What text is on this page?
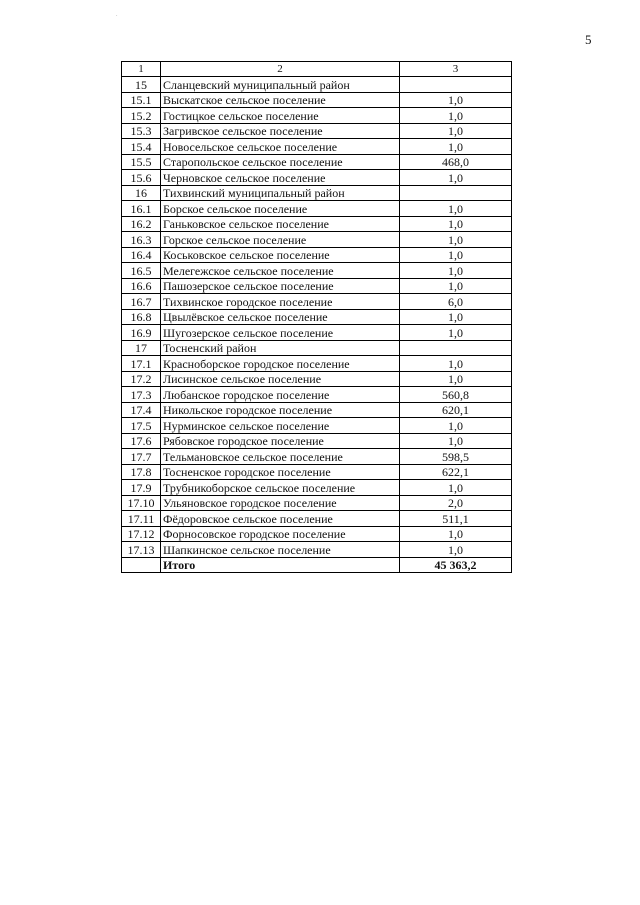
.
5
1	2	3
15	Сланцевский муниципальный район	
15.1	Выскатское сельское поселение	1,0
15.2	Гостицкое сельское поселение	1,0
15.3	Загривское сельское поселение	1,0
15.4	Новосельское сельское поселение	1,0
15.5	Старопольское сельское поселение	468,0
15.6	Черновское сельское поселение	1,0
16	Тихвинский муниципальный район	
16.1	Борское сельское поселение	1,0
16.2	Ганьковское сельское поселение	1,0
16.3	Горское сельское поселение	1,0
16.4	Коськовское сельское поселение	1,0
16.5	Мелегежское сельское поселение	1,0
16.6	Пашозерское сельское поселение	1,0
16.7	Тихвинское городское поселение	6,0
16.8	Цвылёвское сельское поселение	1,0
16.9	Шугозерское сельское поселение	1,0
17	Тосненский район	
17.1	Красноборское городское поселение	1,0
17.2	Лисинское сельское поселение	1,0
17.3	Любанское городское поселение	560,8
17.4	Никольское городское поселение	620,1
17.5	Нурминское сельское поселение	1,0
17.6	Рябовское городское поселение	1,0
17.7	Тельмановское сельское поселение	598,5
17.8	Тосненское городское поселение	622,1
17.9	Трубникоборское сельское поселение	1,0
17.10	Ульяновское городское поселение	2,0
17.11	Фёдоровское сельское поселение	511,1
17.12	Форносовское городское поселение	1,0
17.13	Шапкинское сельское поселение	1,0
	Итого	45 363,2
